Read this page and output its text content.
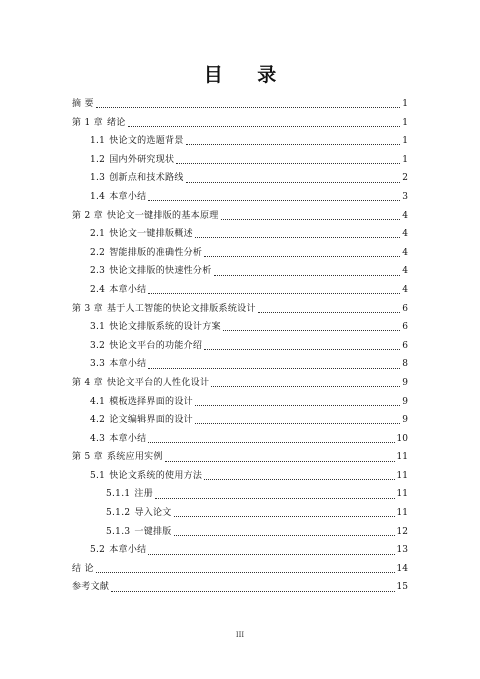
目 录
摘 要	1
第 1 章 绪论	1
1.1 快论文的选题背景	1
1.2 国内外研究现状	1
1.3 创新点和技术路线	2
1.4 本章小结	3
第 2 章 快论文一键排版的基本原理	4
2.1 快论文一键排版概述	4
2.2 智能排版的准确性分析	4
2.3 快论文排版的快速性分析	4
2.4 本章小结	4
第 3 章 基于人工智能的快论文排版系统设计	6
3.1 快论文排版系统的设计方案	6
3.2 快论文平台的功能介绍	6
3.3 本章小结	8
第 4 章 快论文平台的人性化设计	9
4.1 模板选择界面的设计	9
4.2 论文编辑界面的设计	9
4.3 本章小结	10
第 5 章 系统应用实例	11
5.1 快论文系统的使用方法	11
5.1.1 注册	11
5.1.2 导入论文	11
5.1.3 一键排版	12
5.2 本章小结	13
结 论	14
参考文献	15
III
